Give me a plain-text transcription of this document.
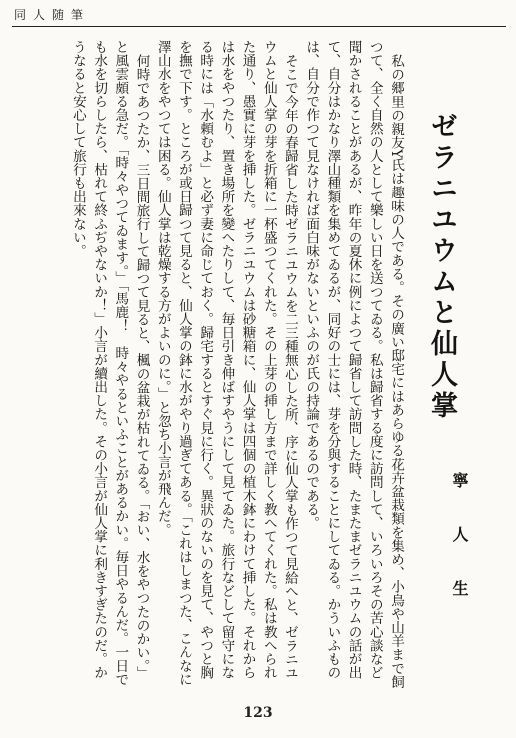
同人随筆
ゼラニユウムと仙人掌
寧人生

私の郷里の親友Y氏は趣味の人である。その廣い邸宅にはあらゆる花卉盆栽類を集め、小鳥や山羊まで飼つて、全く自然の人として樂しい日を送つてゐる。私は歸省する度に訪問して、いろいろその苦心談など聞かされることがあるが、昨年の夏休に例によつて歸省して訪問した時、たまたまゼラニユウムの話が出て、自分はかなり澤山種類を集めてゐるが、同好の士には、芽を分與することにしてゐる。かういふものは、自分で作つて見なければ面白味がないといふのが氏の持論であるのである。

そこで今年の春歸省した時ゼラニユウムを二三種無心した所、序に仙人掌も作つて見給へと、ゼラニユウムと仙人掌の芽を折箱に一杯盛つてくれた。その上芽の挿し方まで詳しく教へてくれた。私は教へられた通り、愚實に芽を挿した。ゼラニユウムは砂糖箱に、仙人掌は四個の植木鉢にわけて挿した。それからは水をやつたり、置き場所を變へたりして、毎日引き伸ばすやうにして見てゐた。旅行などして留守になる時には「水頼むよ」と必ず妻に命じておく。歸宅するとすぐ見に行く。異狀のないのを見て、やつと胸を撫で下す。ところが或日歸つて見ると、仙人掌の鉢に水がやり過ぎてある。「これはしまつた、こんなに澤山水をやつては困る。仙人掌は乾燥する方がよいのに。」と忽ち小言が飛んだ。

何時であつたか、三日間旅行して歸つて見ると、楓の盆栽が枯れてゐる。「おい、水をやつたのかい。」と風雲頗る急だ。「時々やつてゐます。」「馬鹿！　時々やるといふことがあるかい。毎日やるんだ。一日でも水を切らしたら、枯れて終ふぢやないか！」小言が續出した。その小言が仙人掌に利きすぎたのだ。かうなると安心して旅行も出來ない。

123
